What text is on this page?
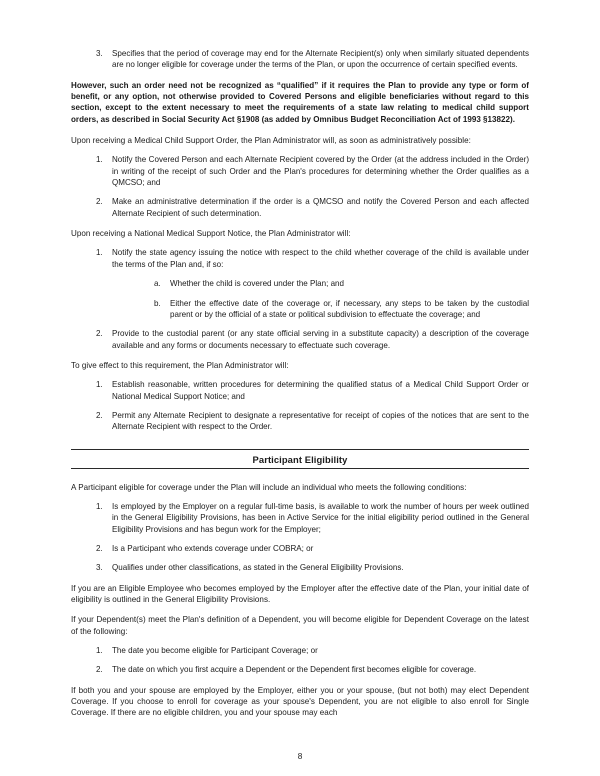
3.	Specifies that the period of coverage may end for the Alternate Recipient(s) only when similarly situated dependents are no longer eligible for coverage under the terms of the Plan, or upon the occurrence of certain specified events.

However, such an order need not be recognized as “qualified” if it requires the Plan to provide any type or form of benefit, or any option, not otherwise provided to Covered Persons and eligible beneficiaries without regard to this section, except to the extent necessary to meet the requirements of a state law relating to medical child support orders, as described in Social Security Act §1908 (as added by Omnibus Budget Reconciliation Act of 1993 §13822).

Upon receiving a Medical Child Support Order, the Plan Administrator will, as soon as administratively possible:

1.	Notify the Covered Person and each Alternate Recipient covered by the Order (at the address included in the Order) in writing of the receipt of such Order and the Plan's procedures for determining whether the Order qualifies as a QMCSO; and
2.	Make an administrative determination if the order is a QMCSO and notify the Covered Person and each affected Alternate Recipient of such determination.

Upon receiving a National Medical Support Notice, the Plan Administrator will:

1.	Notify the state agency issuing the notice with respect to the child whether coverage of the child is available under the terms of the Plan and, if so:
a.	Whether the child is covered under the Plan; and
b.	Either the effective date of the coverage or, if necessary, any steps to be taken by the custodial parent or by the official of a state or political subdivision to effectuate the coverage; and
2.	Provide to the custodial parent (or any state official serving in a substitute capacity) a description of the coverage available and any forms or documents necessary to effectuate such coverage.

To give effect to this requirement, the Plan Administrator will:

1.	Establish reasonable, written procedures for determining the qualified status of a Medical Child Support Order or National Medical Support Notice; and
2.	Permit any Alternate Recipient to designate a representative for receipt of copies of the notices that are sent to the Alternate Recipient with respect to the Order.
Participant Eligibility

A Participant eligible for coverage under the Plan will include an individual who meets the following conditions:

1.	Is employed by the Employer on a regular full-time basis, is available to work the number of hours per week outlined in the General Eligibility Provisions, has been in Active Service for the initial eligibility period outlined in the General Eligibility Provisions and has begun work for the Employer;
2.	Is a Participant who extends coverage under COBRA; or
3.	Qualifies under other classifications, as stated in the General Eligibility Provisions.

If you are an Eligible Employee who becomes employed by the Employer after the effective date of the Plan, your initial date of eligibility is outlined in the General Eligibility Provisions.

If your Dependent(s) meet the Plan's definition of a Dependent, you will become eligible for Dependent Coverage on the latest of the following:

1.	The date you become eligible for Participant Coverage; or
2.	The date on which you first acquire a Dependent or the Dependent first becomes eligible for coverage.

If both you and your spouse are employed by the Employer, either you or your spouse, (but not both) may elect Dependent Coverage. If you choose to enroll for coverage as your spouse's Dependent, you are not eligible to also enroll for Single Coverage. If there are no eligible children, you and your spouse may each

8
